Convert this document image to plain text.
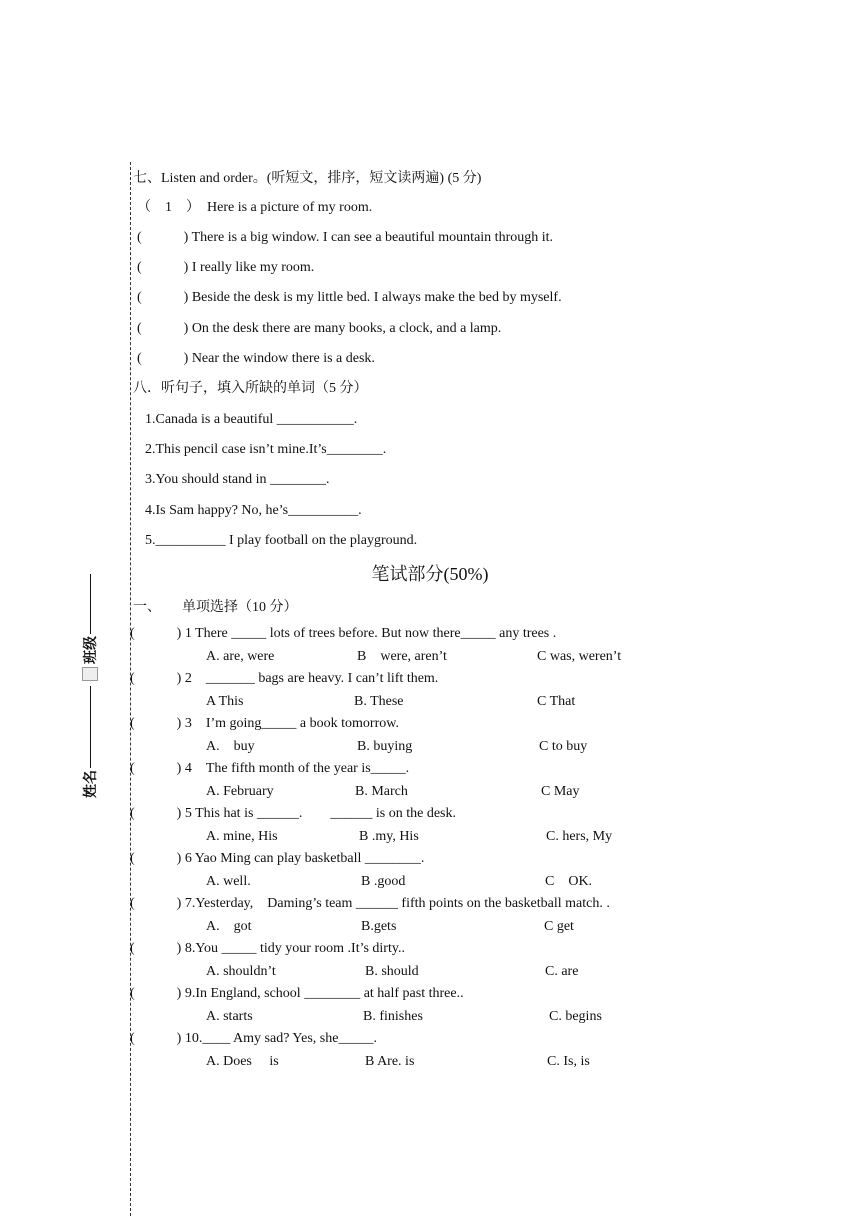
姓名
班级
七、Listen and order。(听短文，排序，短文读两遍) (5 分)
（　1　）　Here is a picture of my room.
(　　　) There is a big window. I can see a beautiful mountain through it.
(　　　) I really like my room.
(　　　) Beside the desk is my little bed. I always make the bed by myself.
(　　　) On the desk there are many books, a clock, and a lamp.
(　　　) Near the window there is a desk.
八．听句子，填入所缺的单词（5 分）
1.Canada is a beautiful ___________.
2.This pencil case isn’t mine.It’s________.
3.You should stand in ________.
4.Is Sam happy? No, he’s__________.
5.__________ I play football on the playground.
笔试部分(50%)
一、　　单项选择（10 分）
(　　　) 1 There _____ lots of trees before. But now there_____ any trees .
A. are, were	B　were, aren’t	C was, weren’t
(　　　) 2　_______ bags are heavy. I can’t lift them.
A This	B. These	C That
(　　　) 3　I’m going_____ a book tomorrow.
A.　buy	B. buying	C to buy
(　　　) 4　The fifth month of the year is_____.
A. February	B. March	C May
(　　　) 5 This hat is ______.　　______ is on the desk.
A. mine, His	B .my, His	C. hers, My
(　　　) 6 Yao Ming can play basketball ________.
A. well.	B .good	C　OK.
(　　　) 7.Yesterday,　Daming’s team ______ fifth points on the basketball match. .
A.　got	B.gets	C get
(　　　) 8.You _____ tidy your room .It’s dirty..
A. shouldn’t	B. should	C. are
(　　　) 9.In England, school ________ at half past three..
A. starts	B. finishes	C. begins
(　　　) 10.____ Amy sad? Yes, she_____.
A. Does　 is	B Are. is	C. Is, is
